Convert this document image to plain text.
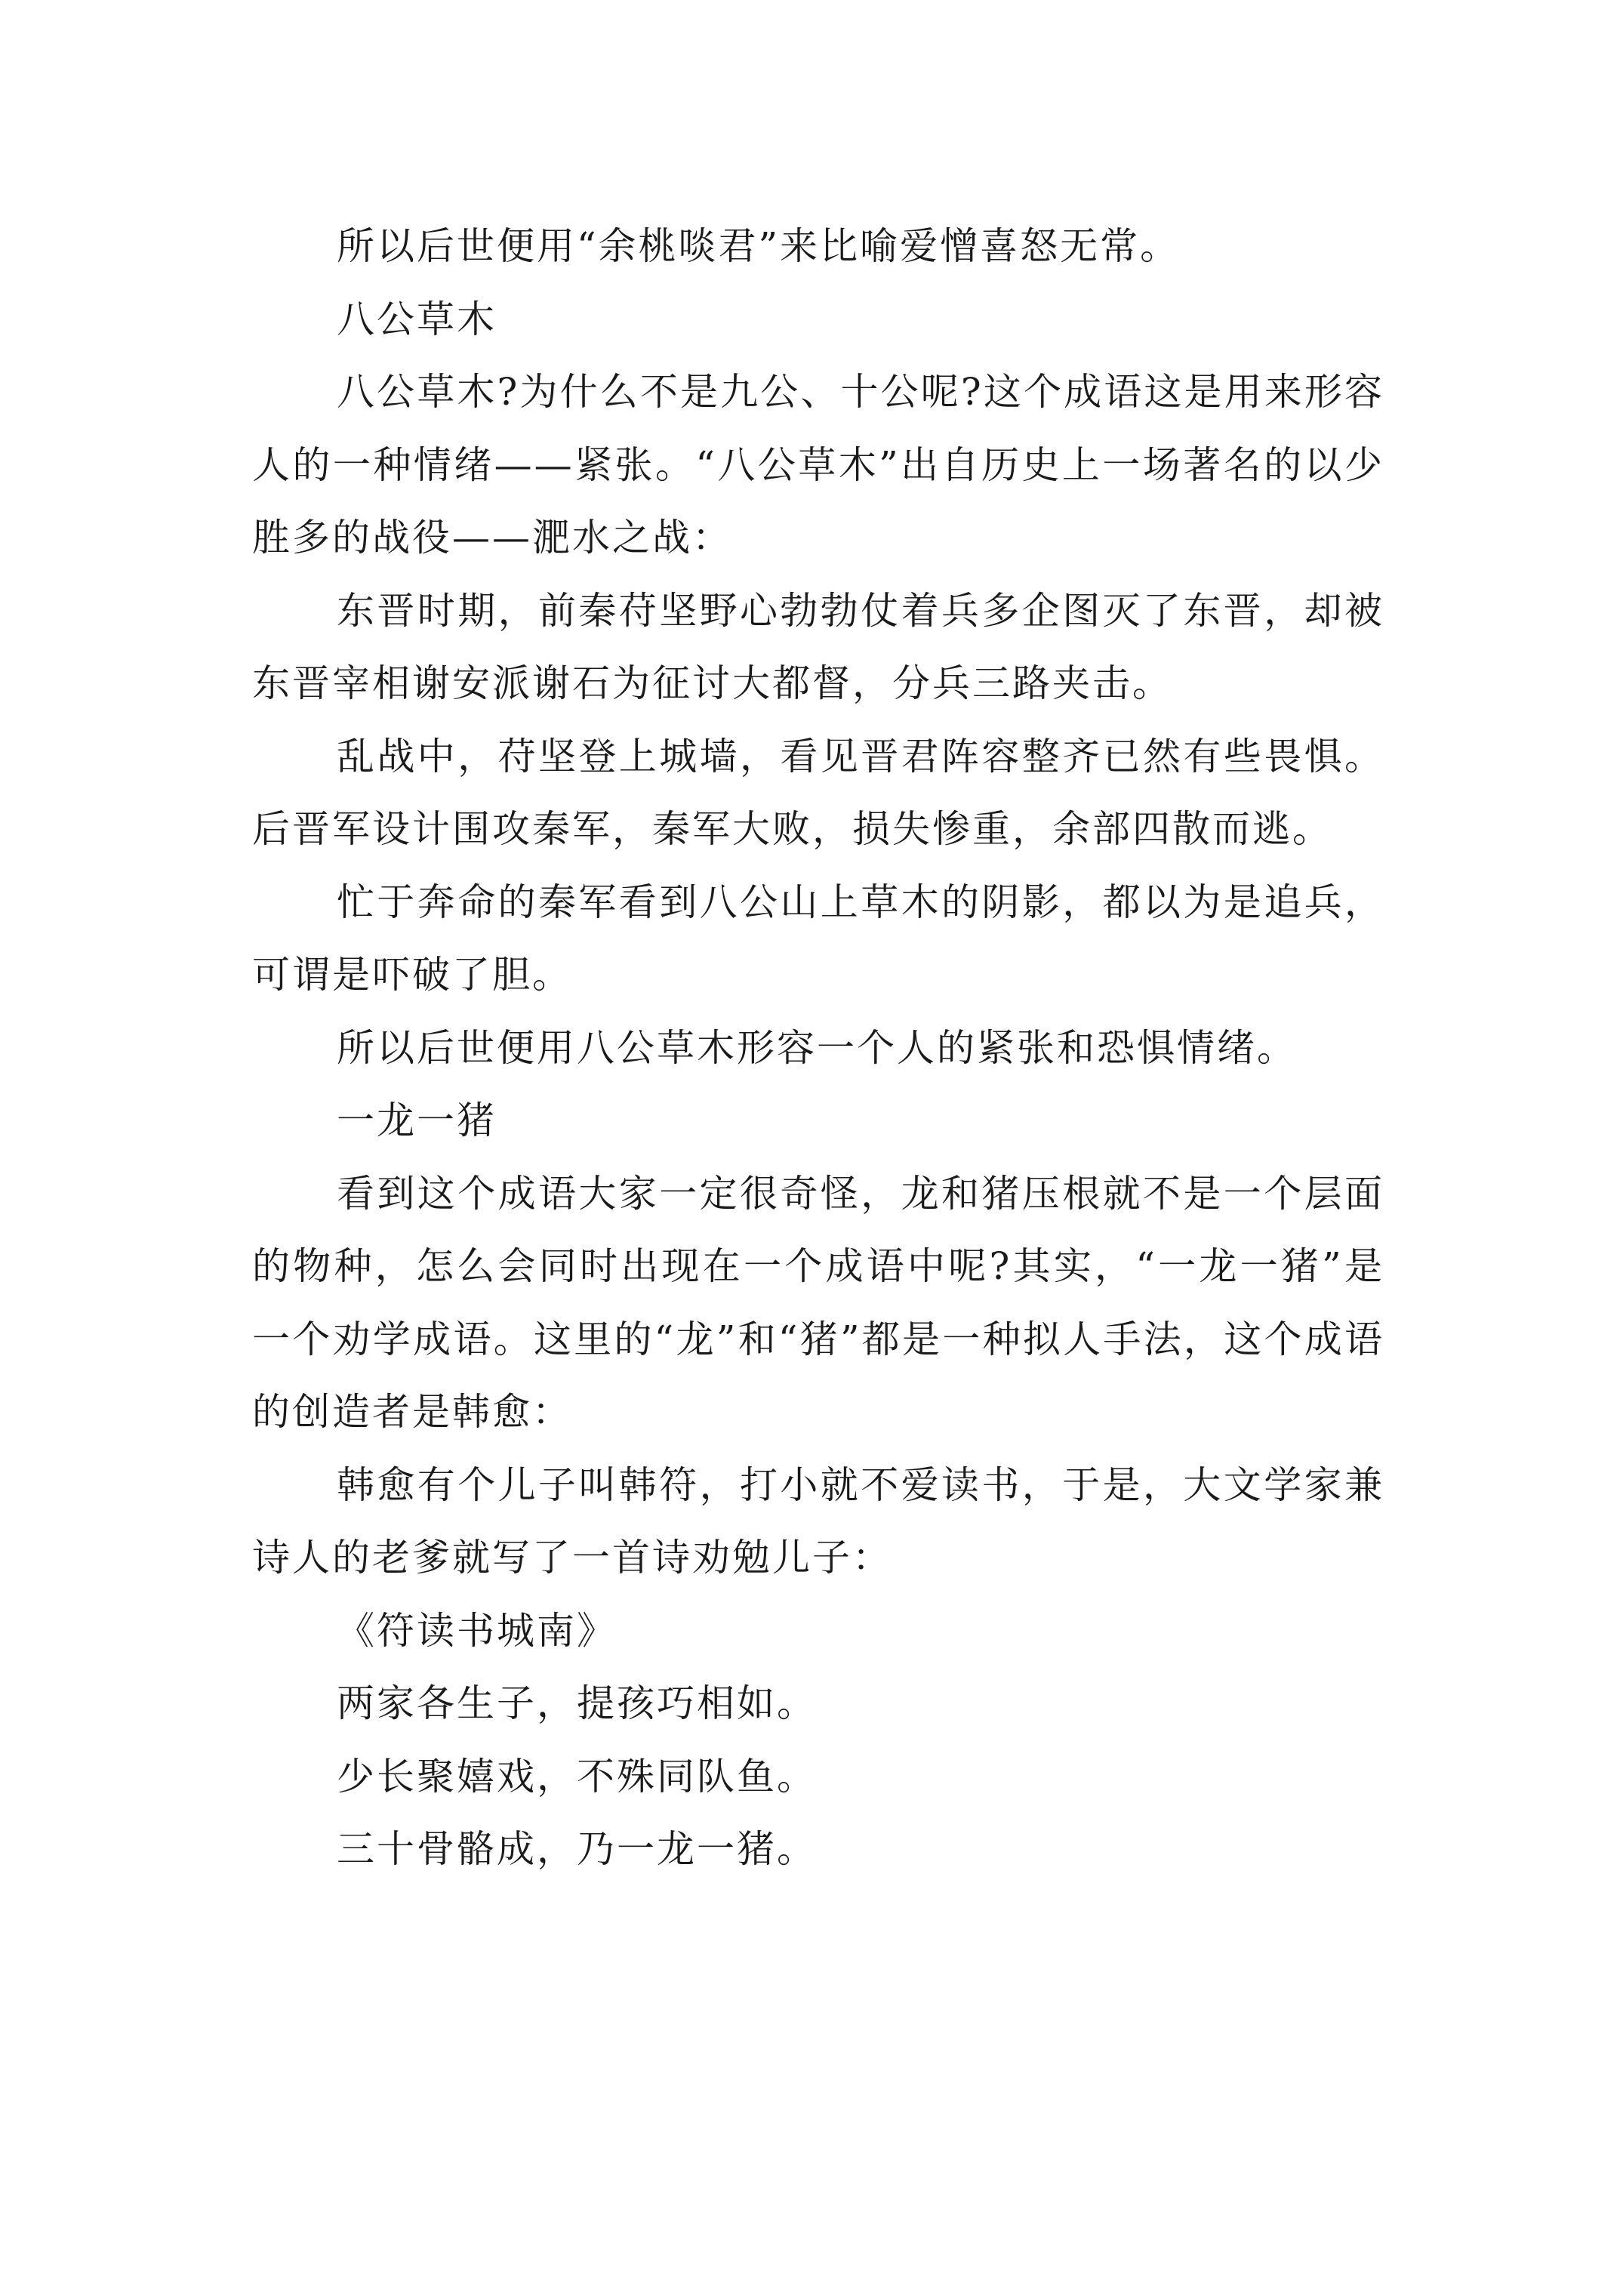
所以后世便用“余桃啖君”来比喻爱憎喜怒无常。

八公草木

八公草木?为什么不是九公、十公呢?这个成语这是用来形容人的一种情绪——紧张。“八公草木”出自历史上一场著名的以少胜多的战役——淝水之战：

东晋时期，前秦苻坚野心勃勃仗着兵多企图灭了东晋，却被东晋宰相谢安派谢石为征讨大都督，分兵三路夹击。

乱战中，苻坚登上城墙，看见晋君阵容整齐已然有些畏惧。后晋军设计围攻秦军，秦军大败，损失惨重，余部四散而逃。

忙于奔命的秦军看到八公山上草木的阴影，都以为是追兵，可谓是吓破了胆。

所以后世便用八公草木形容一个人的紧张和恐惧情绪。

一龙一猪

看到这个成语大家一定很奇怪，龙和猪压根就不是一个层面的物种，怎么会同时出现在一个成语中呢?其实，“一龙一猪”是一个劝学成语。这里的“龙”和“猪”都是一种拟人手法，这个成语的创造者是韩愈：

韩愈有个儿子叫韩符，打小就不爱读书，于是，大文学家兼诗人的老爹就写了一首诗劝勉儿子：

《符读书城南》

两家各生子，提孩巧相如。

少长聚嬉戏，不殊同队鱼。

三十骨骼成，乃一龙一猪。
